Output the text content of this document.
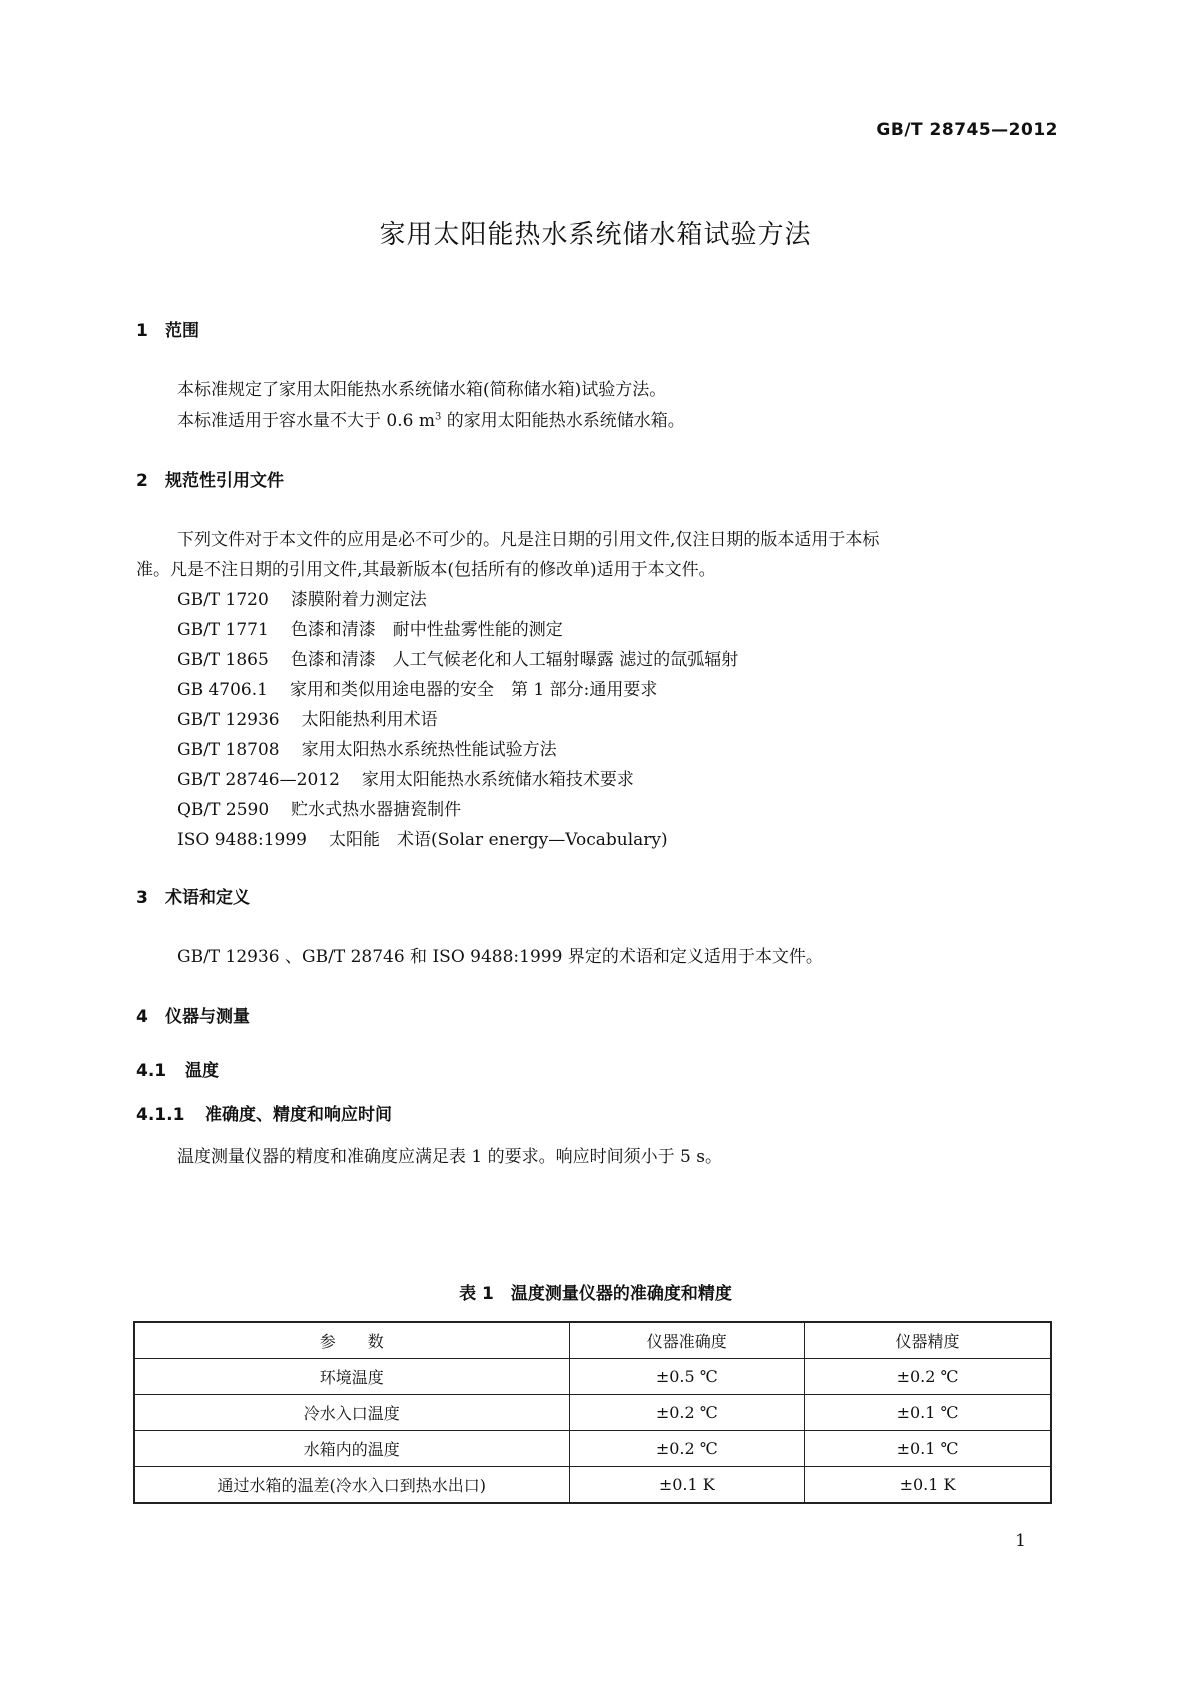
GB/T 28745—2012
家用太阳能热水系统储水箱试验方法
1 范围
本标准规定了家用太阳能热水系统储水箱(简称储水箱)试验方法。
本标准适用于容水量不大于 0.6 $m^3$ 的家用太阳能热水系统储水箱。
2 规范性引用文件
下列文件对于本文件的应用是必不可少的。凡是注日期的引用文件,仅注日期的版本适用于本标
准。凡是不注日期的引用文件,其最新版本(包括所有的修改单)适用于本文件。
GB/T 1720 漆膜附着力测定法
GB/T 1771 色漆和清漆　耐中性盐雾性能的测定
GB/T 1865 色漆和清漆　人工气候老化和人工辐射曝露 滤过的氙弧辐射
GB 4706.1 家用和类似用途电器的安全　第 1 部分:通用要求
GB/T 12936 太阳能热利用术语
GB/T 18708 家用太阳热水系统热性能试验方法
GB/T 28746—2012 家用太阳能热水系统储水箱技术要求
QB/T 2590 贮水式热水器搪瓷制件
ISO 9488:1999 太阳能　术语(Solar energy—Vocabulary)
3 术语和定义
GB/T 12936 、GB/T 28746 和 ISO 9488:1999 界定的术语和定义适用于本文件。
4 仪器与测量
4.1 温度
4.1.1 准确度、精度和响应时间
温度测量仪器的精度和准确度应满足表 1 的要求。响应时间须小于 5 s。
表 1　温度测量仪器的准确度和精度
参　　数	仪器准确度	仪器精度
环境温度	±0.5 ℃	±0.2 ℃
冷水入口温度	±0.2 ℃	±0.1 ℃
水箱内的温度	±0.2 ℃	±0.1 ℃
通过水箱的温差(冷水入口到热水出口)	±0.1 K	±0.1 K
1
